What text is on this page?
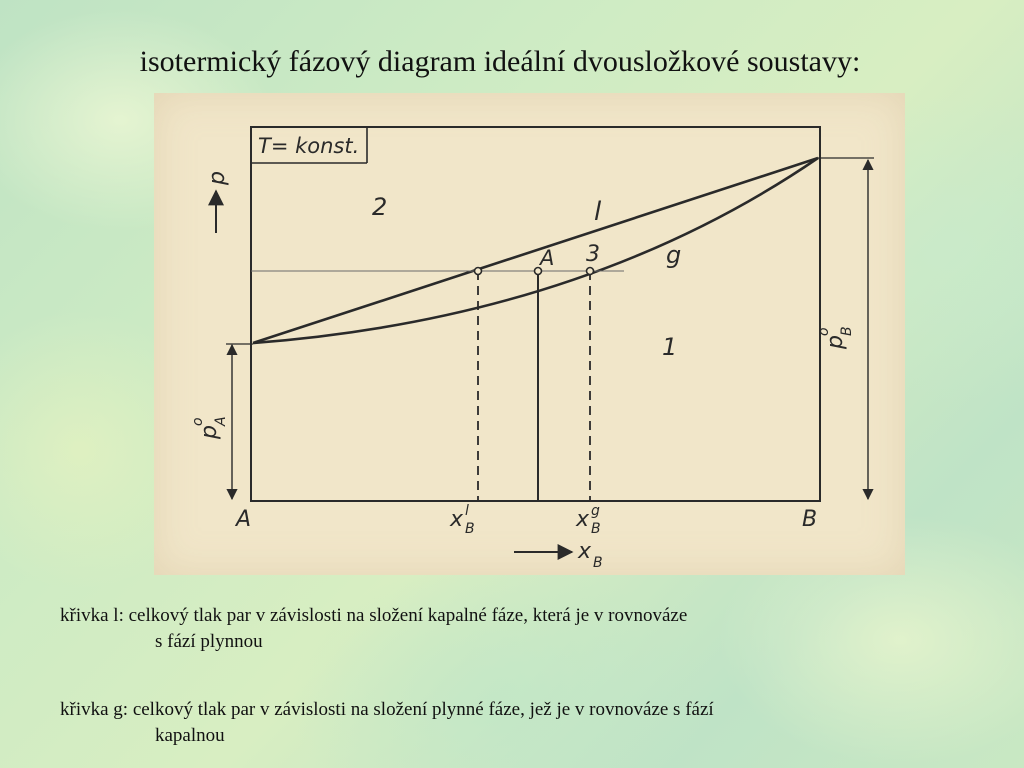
isotermický fázový diagram ideální dvousložkové soustavy:
T= konst.
p
2	l
A 3	g
1
p
o A
p
o B
A	B
x l
B	x g
B
x B
křivka l: celkový tlak par v závislosti na složení kapalné fáze, která je v rovnováze
s fází plynnou
křivka g: celkový tlak par v závislosti na složení plynné fáze, jež je v rovnováze s fází
kapalnou
